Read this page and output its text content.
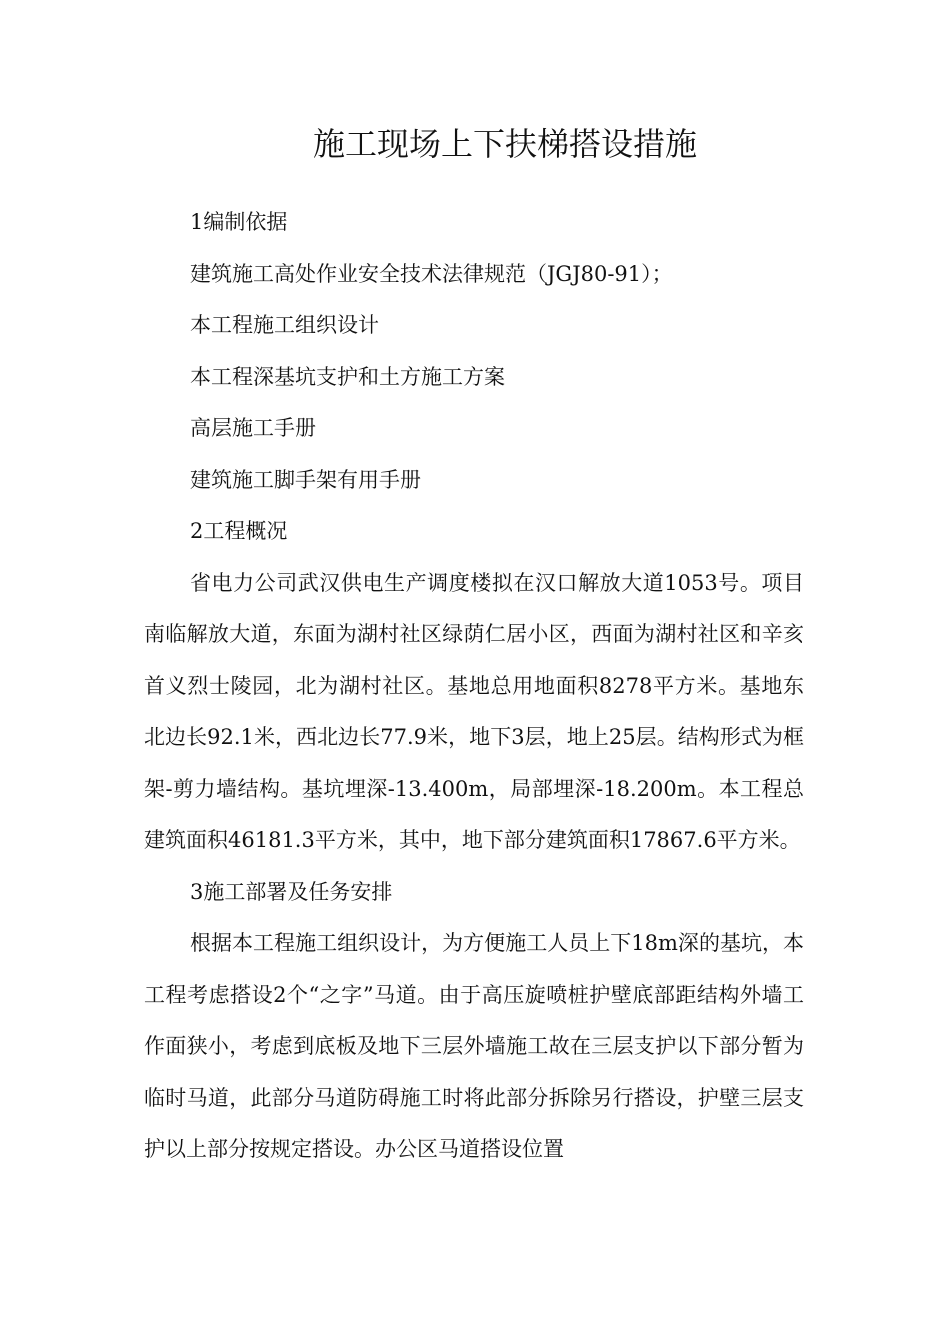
施工现场上下扶梯搭设措施

1编制依据

建筑施工高处作业安全技术法律规范（JGJ80-91）；

本工程施工组织设计

本工程深基坑支护和土方施工方案

高层施工手册

建筑施工脚手架有用手册

2工程概况

省电力公司武汉供电生产调度楼拟在汉口解放大道1053号。项目南临解放大道，东面为湖村社区绿荫仁居小区，西面为湖村社区和辛亥首义烈士陵园，北为湖村社区。基地总用地面积8278平方米。基地东北边长92.1米，西北边长77.9米，地下3层，地上25层。结构形式为框架-剪力墙结构。基坑埋深-13.400m，局部埋深-18.200m。本工程总建筑面积46181.3平方米，其中，地下部分建筑面积17867.6平方米。

3施工部署及任务安排

根据本工程施工组织设计，为方便施工人员上下18m深的基坑，本工程考虑搭设2个“之字”马道。由于高压旋喷桩护壁底部距结构外墙工作面狭小，考虑到底板及地下三层外墙施工故在三层支护以下部分暂为临时马道，此部分马道防碍施工时将此部分拆除另行搭设，护壁三层支护以上部分按规定搭设。办公区马道搭设位置
